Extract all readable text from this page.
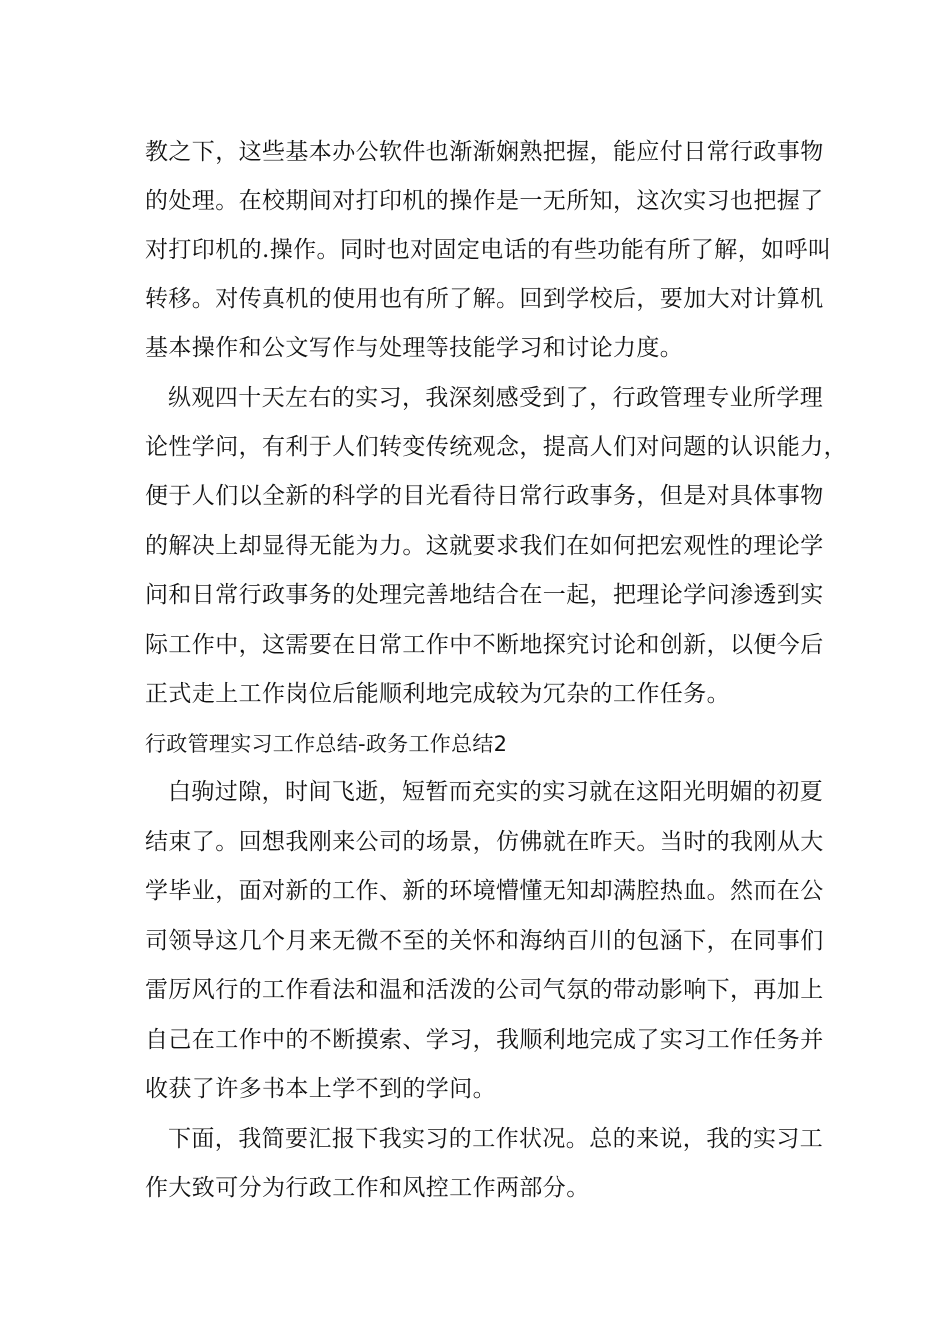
教之下，这些基本办公软件也渐渐娴熟把握，能应付日常行政事物
的处理。在校期间对打印机的操作是一无所知，这次实习也把握了
对打印机的.操作。同时也对固定电话的有些功能有所了解，如呼叫
转移。对传真机的使用也有所了解。回到学校后，要加大对计算机
基本操作和公文写作与处理等技能学习和讨论力度。
纵观四十天左右的实习，我深刻感受到了，行政管理专业所学理
论性学问，有利于人们转变传统观念，提高人们对问题的认识能力，
便于人们以全新的科学的目光看待日常行政事务，但是对具体事物
的解决上却显得无能为力。这就要求我们在如何把宏观性的理论学
问和日常行政事务的处理完善地结合在一起，把理论学问渗透到实
际工作中，这需要在日常工作中不断地探究讨论和创新，以便今后
正式走上工作岗位后能顺利地完成较为冗杂的工作任务。
行政管理实习工作总结-政务工作总结2
白驹过隙，时间飞逝，短暂而充实的实习就在这阳光明媚的初夏
结束了。回想我刚来公司的场景，仿佛就在昨天。当时的我刚从大
学毕业，面对新的工作、新的环境懵懂无知却满腔热血。然而在公
司领导这几个月来无微不至的关怀和海纳百川的包涵下，在同事们
雷厉风行的工作看法和温和活泼的公司气氛的带动影响下，再加上
自己在工作中的不断摸索、学习，我顺利地完成了实习工作任务并
收获了许多书本上学不到的学问。
下面，我简要汇报下我实习的工作状况。总的来说，我的实习工
作大致可分为行政工作和风控工作两部分。
